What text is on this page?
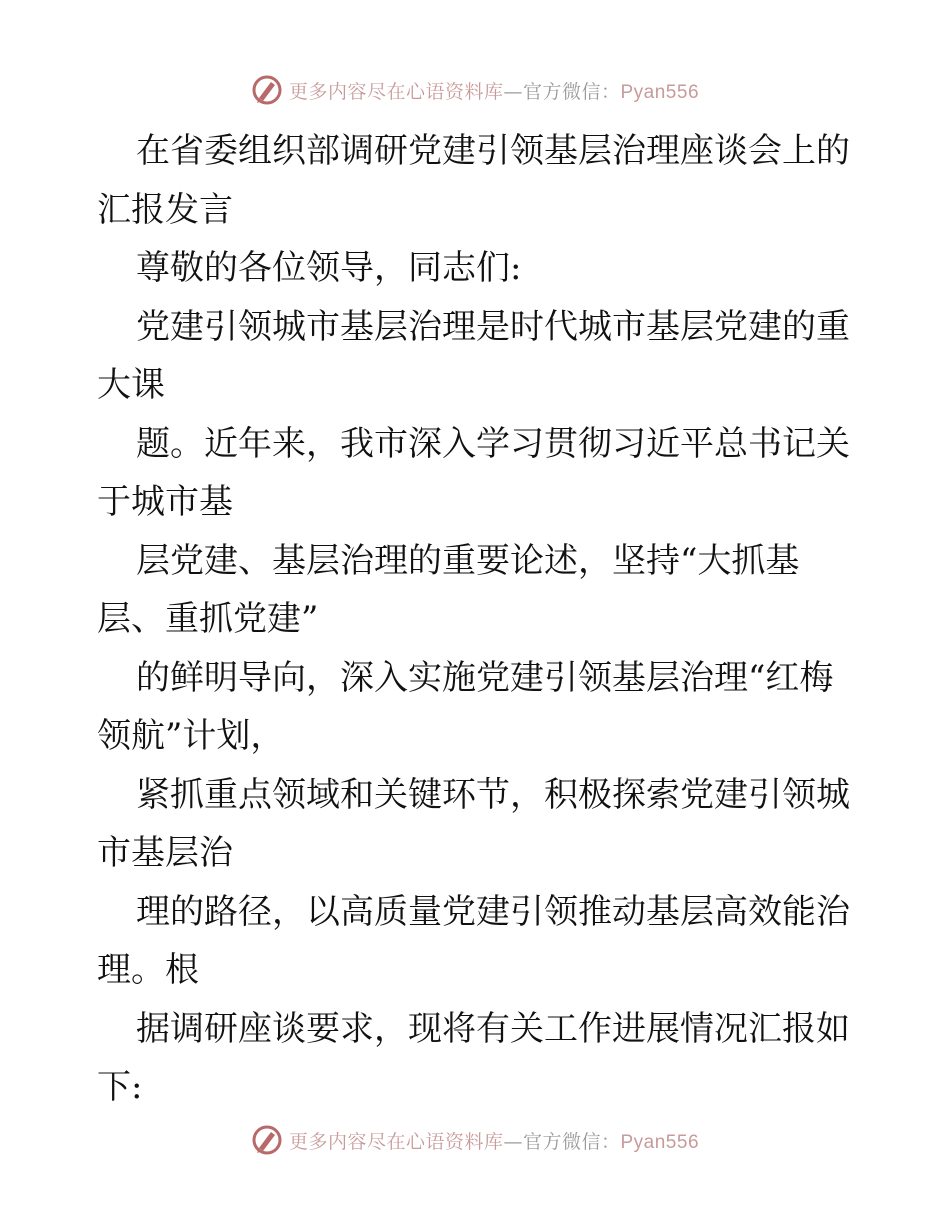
更多内容尽在心语资料库—官方微信：Pyan556
在省委组织部调研党建引领基层治理座谈会上的
汇报发言
尊敬的各位领导，同志们:
党建引领城市基层治理是时代城市基层党建的重
大课
题。近年来，我市深入学习贯彻习近平总书记关
于城市基
层党建、基层治理的重要论述，坚持“大抓基
层、重抓党建”
的鲜明导向，深入实施党建引领基层治理“红梅
领航”计划，
紧抓重点领域和关键环节，积极探索党建引领城
市基层治
理的路径，以高质量党建引领推动基层高效能治
理。根
据调研座谈要求，现将有关工作进展情况汇报如
下:
更多内容尽在心语资料库—官方微信：Pyan556
